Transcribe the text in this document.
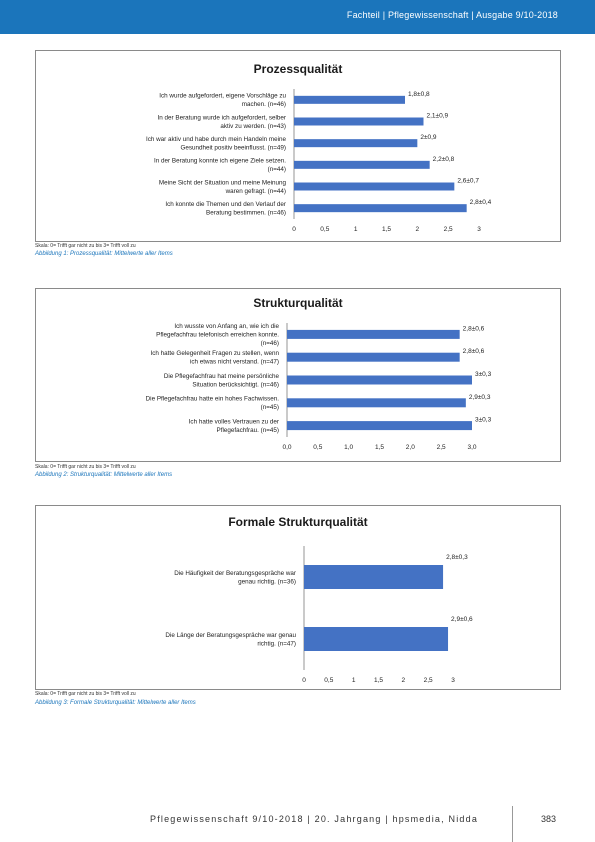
Fachteil | Pflegewissenschaft | Ausgabe 9/10-2018
Prozessqualität
1,8±0,8
Ich wurde aufgefordert, eigene Vorschläge zu machen. (n=46)
2,1±0,9
In der Beratung wurde ich aufgefordert, selber aktiv zu werden. (n=43)
2±0,9
Ich war aktiv und habe durch mein Handeln meine Gesundheit positiv beeinflusst. (n=49)
2,2±0,8
In der Beratung konnte ich eigene Ziele setzen. (n=44)
2,6±0,7
Meine Sicht der Situation und meine Meinung waren gefragt. (n=44)
2,8±0,4
Ich konnte die Themen und den Verlauf der Beratung bestimmen. (n=46)
0	0,5	1	1,5	2	2,5	3
Skala: 0= Trifft gar nicht zu bis 3= Trifft voll zu
Abbildung 1: Prozessqualität: Mittelwerte aller Items
Strukturqualität
2,8±0,6
Ich wusste von Anfang an, wie ich die Pflegefachfrau telefonisch erreichen konnte. (n=46)
2,8±0,6
Ich hatte Gelegenheit Fragen zu stellen, wenn ich etwas nicht verstand. (n=47)
3±0,3
Die Pflegefachfrau hat meine persönliche Situation berücksichtigt. (n=46)
2,9±0,3
Die Pflegefachfrau hatte ein hohes Fachwissen. (n=45)
3±0,3
Ich hatte volles Vertrauen zu der Pflegefachfrau. (n=45)
0,0	0,5	1,0	1,5	2,0	2,5	3,0
Skala: 0= Trifft gar nicht zu bis 3= Trifft voll zu
Abbildung 2: Strukturqualität: Mittelwerte aller Items
Formale Strukturqualität
2,8±0,3
Die Häufigkeit der Beratungsgespräche war genau richtig. (n=36)
2,9±0,6
Die Länge der Beratungsgespräche war genau richtig. (n=47)
0	0,5	1	1,5	2	2,5	3
Skala: 0= Trifft gar nicht zu bis 3= Trifft voll zu
Abbildung 3: Formale Strukturqualität: Mittelwerte aller Items
Pflegewissenschaft 9/10-2018 | 20. Jahrgang | hpsmedia, Nidda	383
